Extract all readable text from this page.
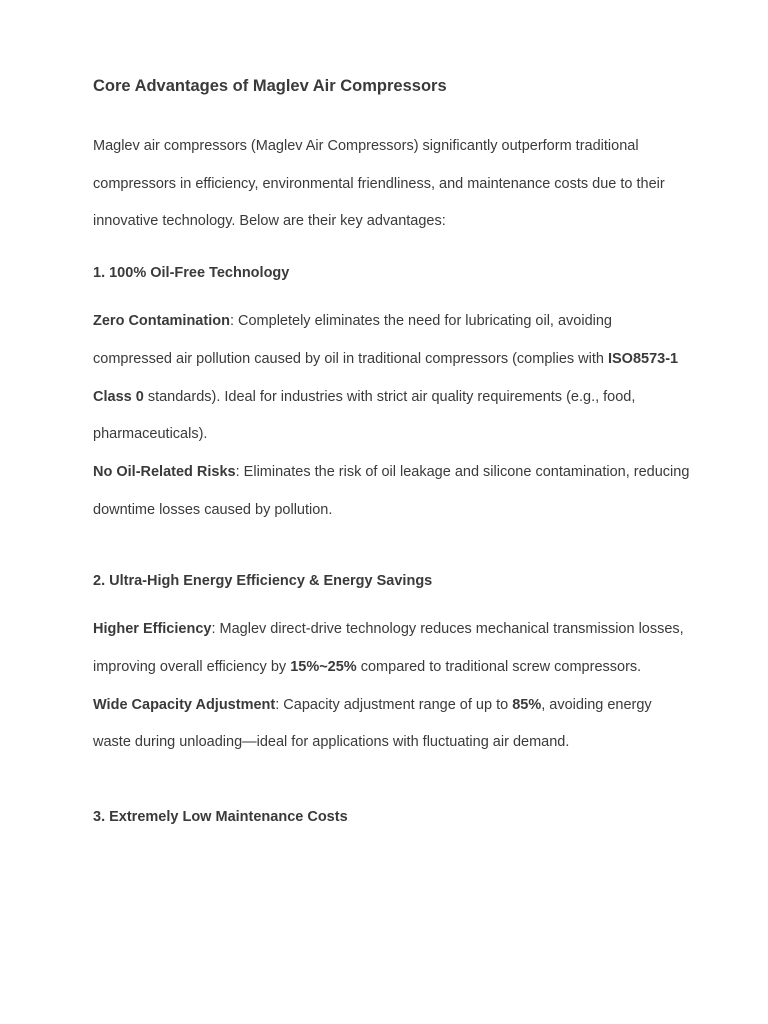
Core Advantages of Maglev Air Compressors

Maglev air compressors (Maglev Air Compressors) significantly outperform traditional compressors in efficiency, environmental friendliness, and maintenance costs due to their innovative technology. Below are their key advantages:

1. 100% Oil-Free Technology

Zero Contamination: Completely eliminates the need for lubricating oil, avoiding compressed air pollution caused by oil in traditional compressors (complies with ISO8573-1 Class 0 standards). Ideal for industries with strict air quality requirements (e.g., food, pharmaceuticals).

No Oil-Related Risks: Eliminates the risk of oil leakage and silicone contamination, reducing downtime losses caused by pollution.

2. Ultra-High Energy Efficiency & Energy Savings

Higher Efficiency: Maglev direct-drive technology reduces mechanical transmission losses, improving overall efficiency by 15%~25% compared to traditional screw compressors.

Wide Capacity Adjustment: Capacity adjustment range of up to 85%, avoiding energy waste during unloading—ideal for applications with fluctuating air demand.

3. Extremely Low Maintenance Costs
